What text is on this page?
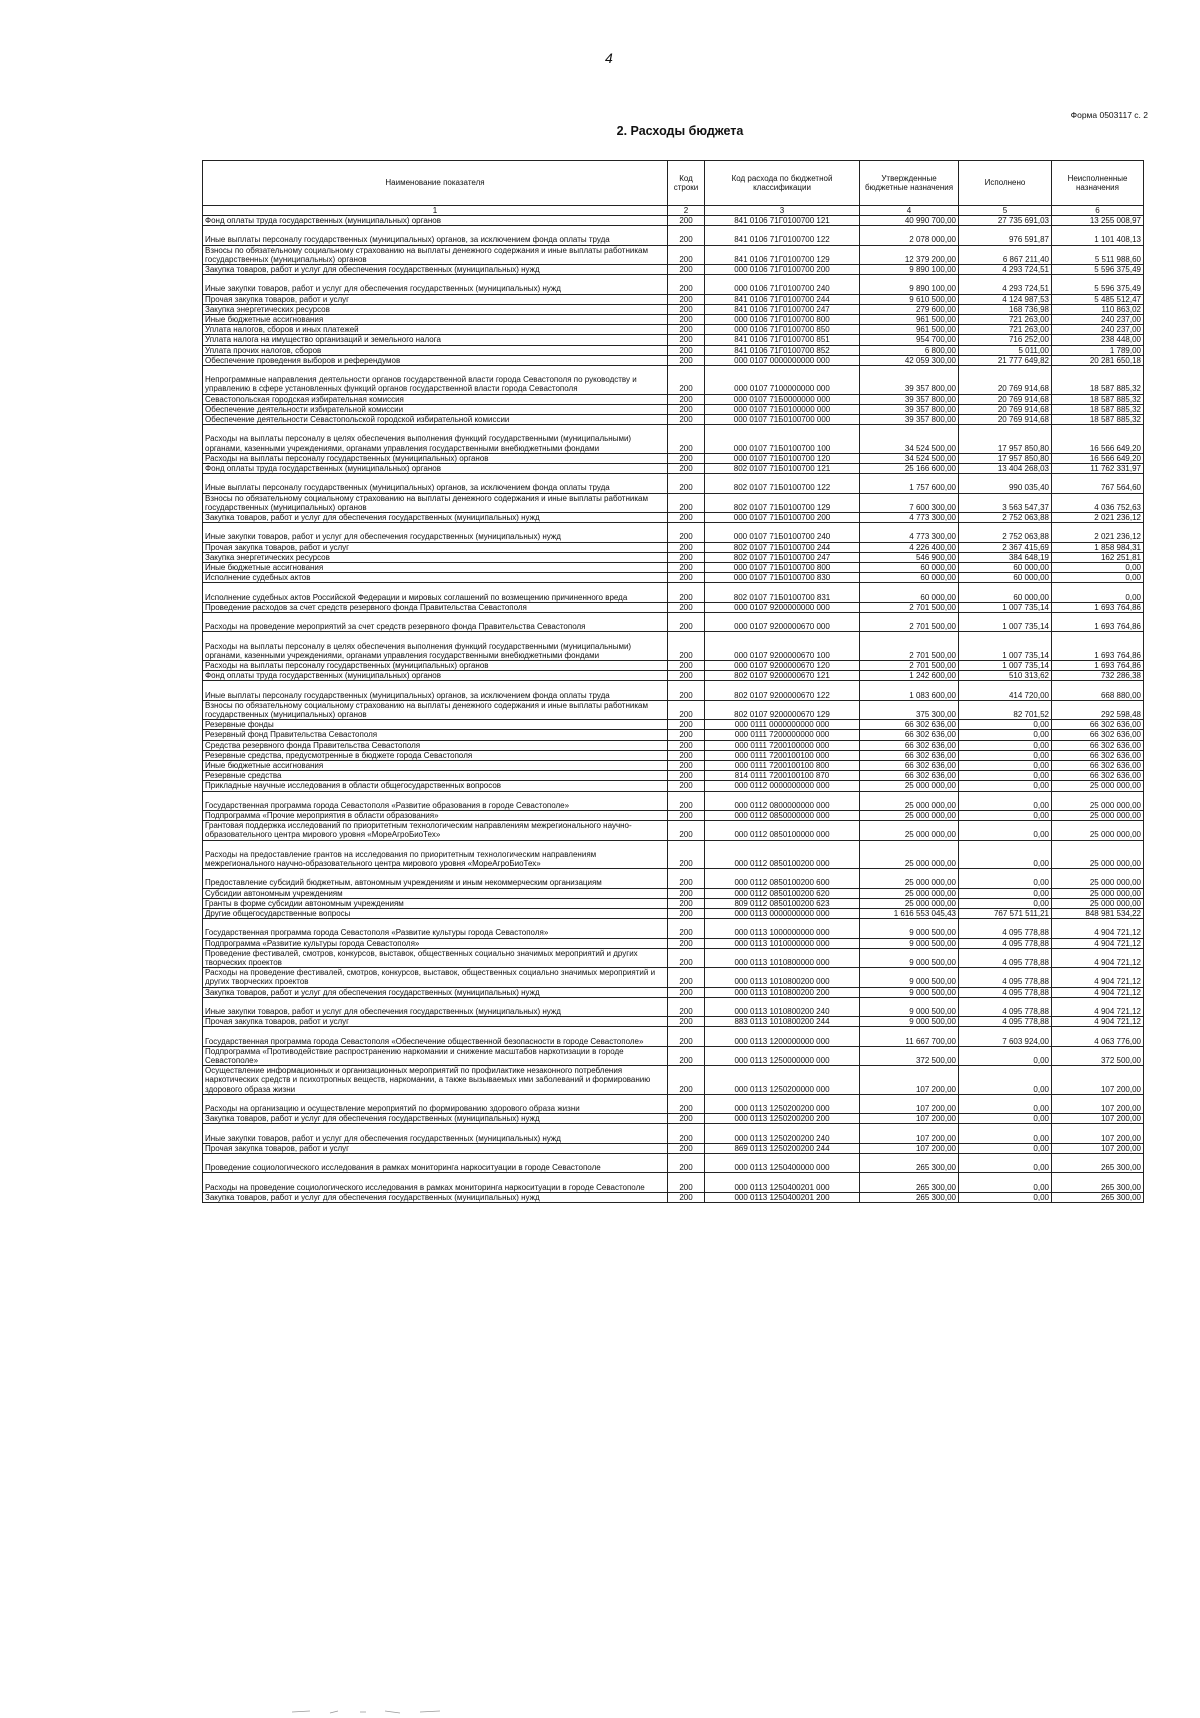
4
Форма 0503117 с. 2
2. Расходы бюджета
Наименование показателя	Код строки	Код расхода по бюджетной классификации	Утвержденные бюджетные назначения	Исполнено	Неисполненные назначения
1	2	3	4	5	6
Фонд оплаты труда государственных (муниципальных) органов	200	841 0106 71Г0100700 121	40 990 700,00	27 735 691,03	13 255 008,97
Иные выплаты персоналу государственных (муниципальных) органов, за исключением фонда оплаты труда	200	841 0106 71Г0100700 122	2 078 000,00	976 591,87	1 101 408,13
Взносы по обязательному социальному страхованию на выплаты денежного содержания и иные выплаты работникам государственных (муниципальных) органов	200	841 0106 71Г0100700 129	12 379 200,00	6 867 211,40	5 511 988,60
Закупка товаров, работ и услуг для обеспечения государственных (муниципальных) нужд	200	000 0106 71Г0100700 200	9 890 100,00	4 293 724,51	5 596 375,49
Иные закупки товаров, работ и услуг для обеспечения государственных (муниципальных) нужд	200	000 0106 71Г0100700 240	9 890 100,00	4 293 724,51	5 596 375,49
Прочая закупка товаров, работ и услуг	200	841 0106 71Г0100700 244	9 610 500,00	4 124 987,53	5 485 512,47
Закупка энергетических ресурсов	200	841 0106 71Г0100700 247	279 600,00	168 736,98	110 863,02
Иные бюджетные ассигнования	200	000 0106 71Г0100700 800	961 500,00	721 263,00	240 237,00
Уплата налогов, сборов и иных платежей	200	000 0106 71Г0100700 850	961 500,00	721 263,00	240 237,00
Уплата налога на имущество организаций и земельного налога	200	841 0106 71Г0100700 851	954 700,00	716 252,00	238 448,00
Уплата прочих налогов, сборов	200	841 0106 71Г0100700 852	6 800,00	5 011,00	1 789,00
Обеспечение проведения выборов и референдумов	200	000 0107 0000000000 000	42 059 300,00	21 777 649,82	20 281 650,18
Непрограммные направления деятельности органов государственной власти города Севастополя по руководству и управлению в сфере установленных функций органов государственной власти города Севастополя	200	000 0107 7100000000 000	39 357 800,00	20 769 914,68	18 587 885,32
Севастопольская городская избирательная комиссия	200	000 0107 71Б0000000 000	39 357 800,00	20 769 914,68	18 587 885,32
Обеспечение деятельности избирательной комиссии	200	000 0107 71Б0100000 000	39 357 800,00	20 769 914,68	18 587 885,32
Обеспечение деятельности Севастопольской городской избирательной комиссии	200	000 0107 71Б0100700 000	39 357 800,00	20 769 914,68	18 587 885,32
Расходы на выплаты персоналу в целях обеспечения выполнения функций государственными (муниципальными) органами, казенными учреждениями, органами управления государственными внебюджетными фондами	200	000 0107 71Б0100700 100	34 524 500,00	17 957 850,80	16 566 649,20
Расходы на выплаты персоналу государственных (муниципальных) органов	200	000 0107 71Б0100700 120	34 524 500,00	17 957 850,80	16 566 649,20
Фонд оплаты труда государственных (муниципальных) органов	200	802 0107 71Б0100700 121	25 166 600,00	13 404 268,03	11 762 331,97
Иные выплаты персоналу государственных (муниципальных) органов, за исключением фонда оплаты труда	200	802 0107 71Б0100700 122	1 757 600,00	990 035,40	767 564,60
Взносы по обязательному социальному страхованию на выплаты денежного содержания и иные выплаты работникам государственных (муниципальных) органов	200	802 0107 71Б0100700 129	7 600 300,00	3 563 547,37	4 036 752,63
Закупка товаров, работ и услуг для обеспечения государственных (муниципальных) нужд	200	000 0107 71Б0100700 200	4 773 300,00	2 752 063,88	2 021 236,12
Иные закупки товаров, работ и услуг для обеспечения государственных (муниципальных) нужд	200	000 0107 71Б0100700 240	4 773 300,00	2 752 063,88	2 021 236,12
Прочая закупка товаров, работ и услуг	200	802 0107 71Б0100700 244	4 226 400,00	2 367 415,69	1 858 984,31
Закупка энергетических ресурсов	200	802 0107 71Б0100700 247	546 900,00	384 648,19	162 251,81
Иные бюджетные ассигнования	200	000 0107 71Б0100700 800	60 000,00	60 000,00	0,00
Исполнение судебных актов	200	000 0107 71Б0100700 830	60 000,00	60 000,00	0,00
Исполнение судебных актов Российской Федерации и мировых соглашений по возмещению причиненного вреда	200	802 0107 71Б0100700 831	60 000,00	60 000,00	0,00
Проведение расходов за счет средств резервного фонда Правительства Севастополя	200	000 0107 9200000000 000	2 701 500,00	1 007 735,14	1 693 764,86
Расходы на проведение мероприятий за счет средств резервного фонда Правительства Севастополя	200	000 0107 9200000670 000	2 701 500,00	1 007 735,14	1 693 764,86
Расходы на выплаты персоналу в целях обеспечения выполнения функций государственными (муниципальными) органами, казенными учреждениями, органами управления государственными внебюджетными фондами	200	000 0107 9200000670 100	2 701 500,00	1 007 735,14	1 693 764,86
Расходы на выплаты персоналу государственных (муниципальных) органов	200	000 0107 9200000670 120	2 701 500,00	1 007 735,14	1 693 764,86
Фонд оплаты труда государственных (муниципальных) органов	200	802 0107 9200000670 121	1 242 600,00	510 313,62	732 286,38
Иные выплаты персоналу государственных (муниципальных) органов, за исключением фонда оплаты труда	200	802 0107 9200000670 122	1 083 600,00	414 720,00	668 880,00
Взносы по обязательному социальному страхованию на выплаты денежного содержания и иные выплаты работникам государственных (муниципальных) органов	200	802 0107 9200000670 129	375 300,00	82 701,52	292 598,48
Резервные фонды	200	000 0111 0000000000 000	66 302 636,00	0,00	66 302 636,00
Резервный фонд Правительства Севастополя	200	000 0111 7200000000 000	66 302 636,00	0,00	66 302 636,00
Средства резервного фонда Правительства Севастополя	200	000 0111 7200100000 000	66 302 636,00	0,00	66 302 636,00
Резервные средства, предусмотренные в бюджете города Севастополя	200	000 0111 7200100100 000	66 302 636,00	0,00	66 302 636,00
Иные бюджетные ассигнования	200	000 0111 7200100100 800	66 302 636,00	0,00	66 302 636,00
Резервные средства	200	814 0111 7200100100 870	66 302 636,00	0,00	66 302 636,00
Прикладные научные исследования в области общегосударственных вопросов	200	000 0112 0000000000 000	25 000 000,00	0,00	25 000 000,00
Государственная программа города Севастополя «Развитие образования в городе Севастополе»	200	000 0112 0800000000 000	25 000 000,00	0,00	25 000 000,00
Подпрограмма «Прочие мероприятия в области образования»	200	000 0112 0850000000 000	25 000 000,00	0,00	25 000 000,00
Грантовая поддержка исследований по приоритетным технологическим направлениям межрегионального научно-образовательного центра мирового уровня «МореАгроБиоТех»	200	000 0112 0850100000 000	25 000 000,00	0,00	25 000 000,00
Расходы на предоставление грантов на исследования по приоритетным технологическим направлениям межрегионального научно-образовательного центра мирового уровня «МореАгроБиоТех»	200	000 0112 0850100200 000	25 000 000,00	0,00	25 000 000,00
Предоставление субсидий бюджетным, автономным учреждениям и иным некоммерческим организациям	200	000 0112 0850100200 600	25 000 000,00	0,00	25 000 000,00
Субсидии автономным учреждениям	200	000 0112 0850100200 620	25 000 000,00	0,00	25 000 000,00
Гранты в форме субсидии автономным учреждениям	200	809 0112 0850100200 623	25 000 000,00	0,00	25 000 000,00
Другие общегосударственные вопросы	200	000 0113 0000000000 000	1 616 553 045,43	767 571 511,21	848 981 534,22
Государственная программа города Севастополя «Развитие культуры города Севастополя»	200	000 0113 1000000000 000	9 000 500,00	4 095 778,88	4 904 721,12
Подпрограмма «Развитие культуры города Севастополя»	200	000 0113 1010000000 000	9 000 500,00	4 095 778,88	4 904 721,12
Проведение фестивалей, смотров, конкурсов, выставок, общественных социально значимых мероприятий и других творческих проектов	200	000 0113 1010800000 000	9 000 500,00	4 095 778,88	4 904 721,12
Расходы на проведение фестивалей, смотров, конкурсов, выставок, общественных социально значимых мероприятий и других творческих проектов	200	000 0113 1010800200 000	9 000 500,00	4 095 778,88	4 904 721,12
Закупка товаров, работ и услуг для обеспечения государственных (муниципальных) нужд	200	000 0113 1010800200 200	9 000 500,00	4 095 778,88	4 904 721,12
Иные закупки товаров, работ и услуг для обеспечения государственных (муниципальных) нужд	200	000 0113 1010800200 240	9 000 500,00	4 095 778,88	4 904 721,12
Прочая закупка товаров, работ и услуг	200	883 0113 1010800200 244	9 000 500,00	4 095 778,88	4 904 721,12
Государственная программа города Севастополя «Обеспечение общественной безопасности в городе Севастополе»	200	000 0113 1200000000 000	11 667 700,00	7 603 924,00	4 063 776,00
Подпрограмма «Противодействие распространению наркомании и снижение масштабов наркотизации в городе Севастополе»	200	000 0113 1250000000 000	372 500,00	0,00	372 500,00
Осуществление информационных и организационных мероприятий по профилактике незаконного потребления наркотических средств и психотропных веществ, наркомании, а также вызываемых ими заболеваний и формированию здорового образа жизни	200	000 0113 1250200000 000	107 200,00	0,00	107 200,00
Расходы на организацию и осуществление мероприятий по формированию здорового образа жизни	200	000 0113 1250200200 000	107 200,00	0,00	107 200,00
Закупка товаров, работ и услуг для обеспечения государственных (муниципальных) нужд	200	000 0113 1250200200 200	107 200,00	0,00	107 200,00
Иные закупки товаров, работ и услуг для обеспечения государственных (муниципальных) нужд	200	000 0113 1250200200 240	107 200,00	0,00	107 200,00
Прочая закупка товаров, работ и услуг	200	869 0113 1250200200 244	107 200,00	0,00	107 200,00
Проведение социологического исследования в рамках мониторинга наркоситуации в городе Севастополе	200	000 0113 1250400000 000	265 300,00	0,00	265 300,00
Расходы на проведение социологического исследования в рамках мониторинга наркоситуации в городе Севастополе	200	000 0113 1250400201 000	265 300,00	0,00	265 300,00
Закупка товаров, работ и услуг для обеспечения государственных (муниципальных) нужд	200	000 0113 1250400201 200	265 300,00	0,00	265 300,00
